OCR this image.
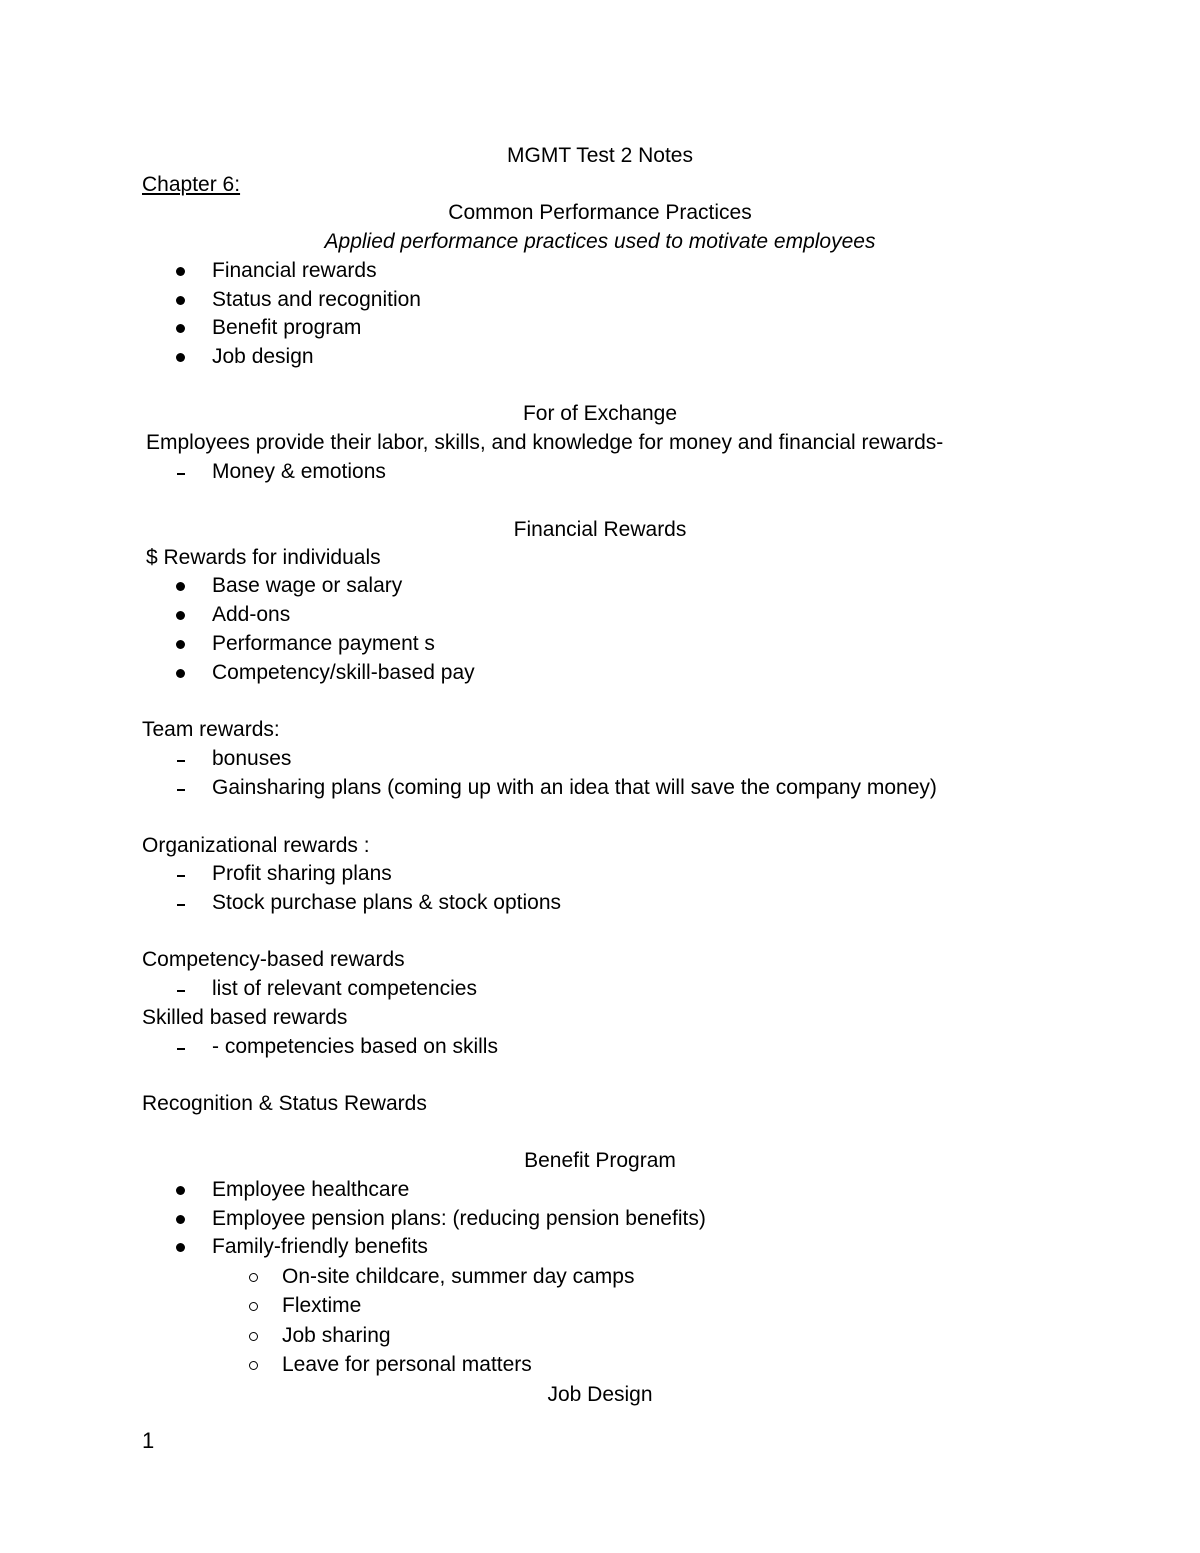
MGMT Test 2 Notes
Chapter 6:
Common Performance Practices
Applied performance practices used to motivate employees
Financial rewards
Status and recognition
Benefit program
Job design
For of Exchange
Employees provide their labor, skills, and knowledge for money and financial rewards-
Money & emotions
Financial Rewards
$ Rewards for individuals
Base wage or salary
Add-ons
Performance payment s
Competency/skill-based pay
Team rewards:
bonuses
Gainsharing plans (coming up with an idea that will save the company money)
Organizational rewards :
Profit sharing plans
Stock purchase plans & stock options
Competency-based rewards
list of relevant competencies
Skilled based rewards
- competencies based on skills
Recognition & Status Rewards
Benefit Program
Employee healthcare
Employee pension plans: (reducing pension benefits)
Family-friendly benefits
On-site childcare, summer day camps
Flextime
Job sharing
Leave for personal matters
Job Design
1
